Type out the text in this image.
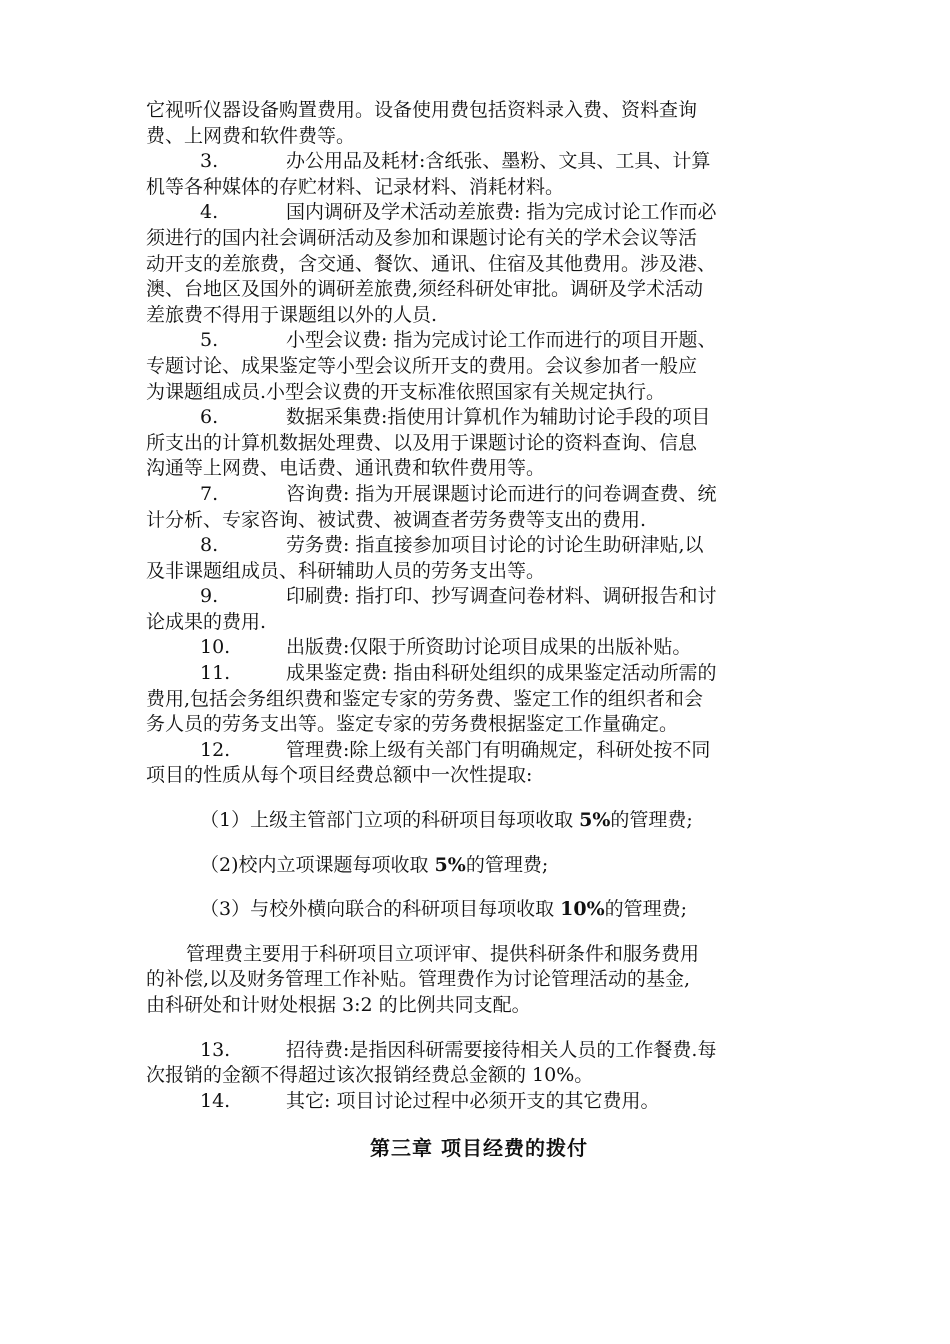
它视听仪器设备购置费用。设备使用费包括资料录入费、资料查询
费、上网费和软件费等。

3.	办公用品及耗材:含纸张、墨粉、文具、工具、计算
机等各种媒体的存贮材料、记录材料、消耗材料。

4.	国内调研及学术活动差旅费: 指为完成讨论工作而必
须进行的国内社会调研活动及参加和课题讨论有关的学术会议等活
动开支的差旅费，含交通、餐饮、通讯、住宿及其他费用。涉及港、
澳、台地区及国外的调研差旅费,须经科研处审批。调研及学术活动
差旅费不得用于课题组以外的人员.

5.	小型会议费: 指为完成讨论工作而进行的项目开题、
专题讨论、成果鉴定等小型会议所开支的费用。会议参加者一般应
为课题组成员.小型会议费的开支标准依照国家有关规定执行。

6.	数据采集费:指使用计算机作为辅助讨论手段的项目
所支出的计算机数据处理费、以及用于课题讨论的资料查询、信息
沟通等上网费、电话费、通讯费和软件费用等。

7.	咨询费: 指为开展课题讨论而进行的问卷调查费、统
计分析、专家咨询、被试费、被调查者劳务费等支出的费用.

8.	劳务费: 指直接参加项目讨论的讨论生助研津贴,以
及非课题组成员、科研辅助人员的劳务支出等。

9.	印刷费: 指打印、抄写调查问卷材料、调研报告和讨
论成果的费用.

10.	出版费:仅限于所资助讨论项目成果的出版补贴。

11.	成果鉴定费: 指由科研处组织的成果鉴定活动所需的
费用,包括会务组织费和鉴定专家的劳务费、鉴定工作的组织者和会
务人员的劳务支出等。鉴定专家的劳务费根据鉴定工作量确定。

12.	管理费:除上级有关部门有明确规定，科研处按不同
项目的性质从每个项目经费总额中一次性提取:

（1）上级主管部门立项的科研项目每项收取 5%的管理费;
（2)校内立项课题每项收取 5%的管理费;
（3）与校外横向联合的科研项目每项收取 10%的管理费;

管理费主要用于科研项目立项评审、提供科研条件和服务费用
的补偿,以及财务管理工作补贴。管理费作为讨论管理活动的基金,
由科研处和计财处根据 3:2 的比例共同支配。

13.	招待费:是指因科研需要接待相关人员的工作餐费.每
次报销的金额不得超过该次报销经费总金额的 10%。

14.	其它: 项目讨论过程中必须开支的其它费用。

第三章 项目经费的拨付
